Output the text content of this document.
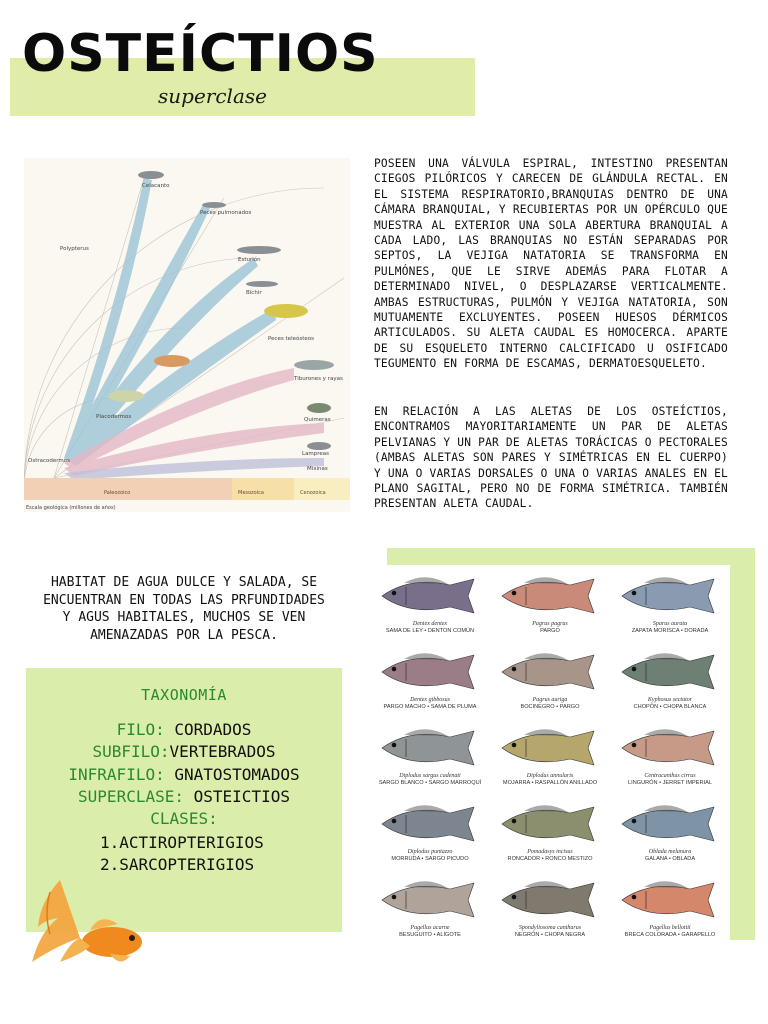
OSTEÍCTIOS
superclase
Celacanto
Peces pulmonados
Esturión
Bichir
Polypterus
Peces teleósteos
Tiburones y rayas
Quimeras
Lampreas
Mixinas
Placodermos
Ostracodermos
Paleozoico	Mesozoica	Cenozoica
Escala geológica (millones de años)
POSEEN UNA VÁLVULA ESPIRAL, INTESTINO PRESENTAN CIEGOS PILÓRICOS Y CARECEN DE GLÁNDULA RECTAL. EN EL SISTEMA RESPIRATORIO,BRANQUIAS DENTRO DE UNA CÁMARA BRANQUIAL, Y RECUBIERTAS POR UN OPÉRCULO QUE MUESTRA AL EXTERIOR UNA SOLA ABERTURA BRANQUIAL A CADA LADO, LAS BRANQUIAS NO ESTÁN SEPARADAS POR SEPTOS, LA VEJIGA NATATORIA SE TRANSFORMA EN PULMÓNES, QUE LE SIRVE ADEMÁS PARA FLOTAR A DETERMINADO NIVEL, O DESPLAZARSE VERTICALMENTE. AMBAS ESTRUCTURAS, PULMÓN Y VEJIGA NATATORIA, SON MUTUAMENTE EXCLUYENTES. POSEEN HUESOS DÉRMICOS ARTICULADOS. SU ALETA CAUDAL ES HOMOCERCA. APARTE DE SU ESQUELETO INTERNO CALCIFICADO U OSIFICADO TEGUMENTO EN FORMA DE ESCAMAS, DERMATOESQUELETO.
EN RELACIÓN A LAS ALETAS DE LOS OSTEÍCTIOS, ENCONTRAMOS MAYORITARIAMENTE UN PAR DE ALETAS PELVIANAS Y UN PAR DE ALETAS TORÁCICAS O PECTORALES (AMBAS ALETAS SON PARES Y SIMÉTRICAS EN EL CUERPO) Y UNA O VARIAS DORSALES O UNA O VARIAS ANALES EN EL PLANO SAGITAL, PERO NO DE FORMA SIMÉTRICA. TAMBIÉN PRESENTAN ALETA CAUDAL.
HABITAT DE AGUA DULCE Y SALADA, SE ENCUENTRAN EN TODAS LAS PRFUNDIDADES Y AGUS HABITALES, MUCHOS SE VEN AMENAZADAS POR LA PESCA.
TAXONOMÍA
FILO: CORDADOS
SUBFILO:VERTEBRADOS
INFRAFILO: GNATOSTOMADOS
SUPERCLASE: OSTEICTIOS
CLASES:
1.ACTIROPTERIGIOS
2.SARCOPTERIGIOS
Dentex dentex
SAMA DE LEY • DENTON COMÚN
Pagrus pagrus
PARGO
Sparus aurata
ZAPATA MORISCA • DORADA
Dentex gibbosus
PARGO MACHO • SAMA DE PLUMA
Pagrus auriga
BOCINEGRO • PARGO
Kyphosus sectator
CHOPÓN • CHOPA BLANCA
Diplodus sargus cadenati
SARGO BLANCO • SARGO MARROQUÍ
Diplodus annularis
MOJARRA • RASPALLÓN ANILLADO
Centracanthus cirrus
LINGURÓN • JERRET IMPERIAL
Diplodus puntazzo
MORRUDA • SARGO PICUDO
Pomadasys incisus
RONCADOR • RONCO MESTIZO
Oblada melanura
GALANA • OBLADA
Pagellus acarne
BESUGUITO • ALIGOTE
Spondyliosoma cantharus
NEGRÓN • CHOPA NEGRA
Pagellus bellottii
BRECA COLORADA • GARAPELLO
